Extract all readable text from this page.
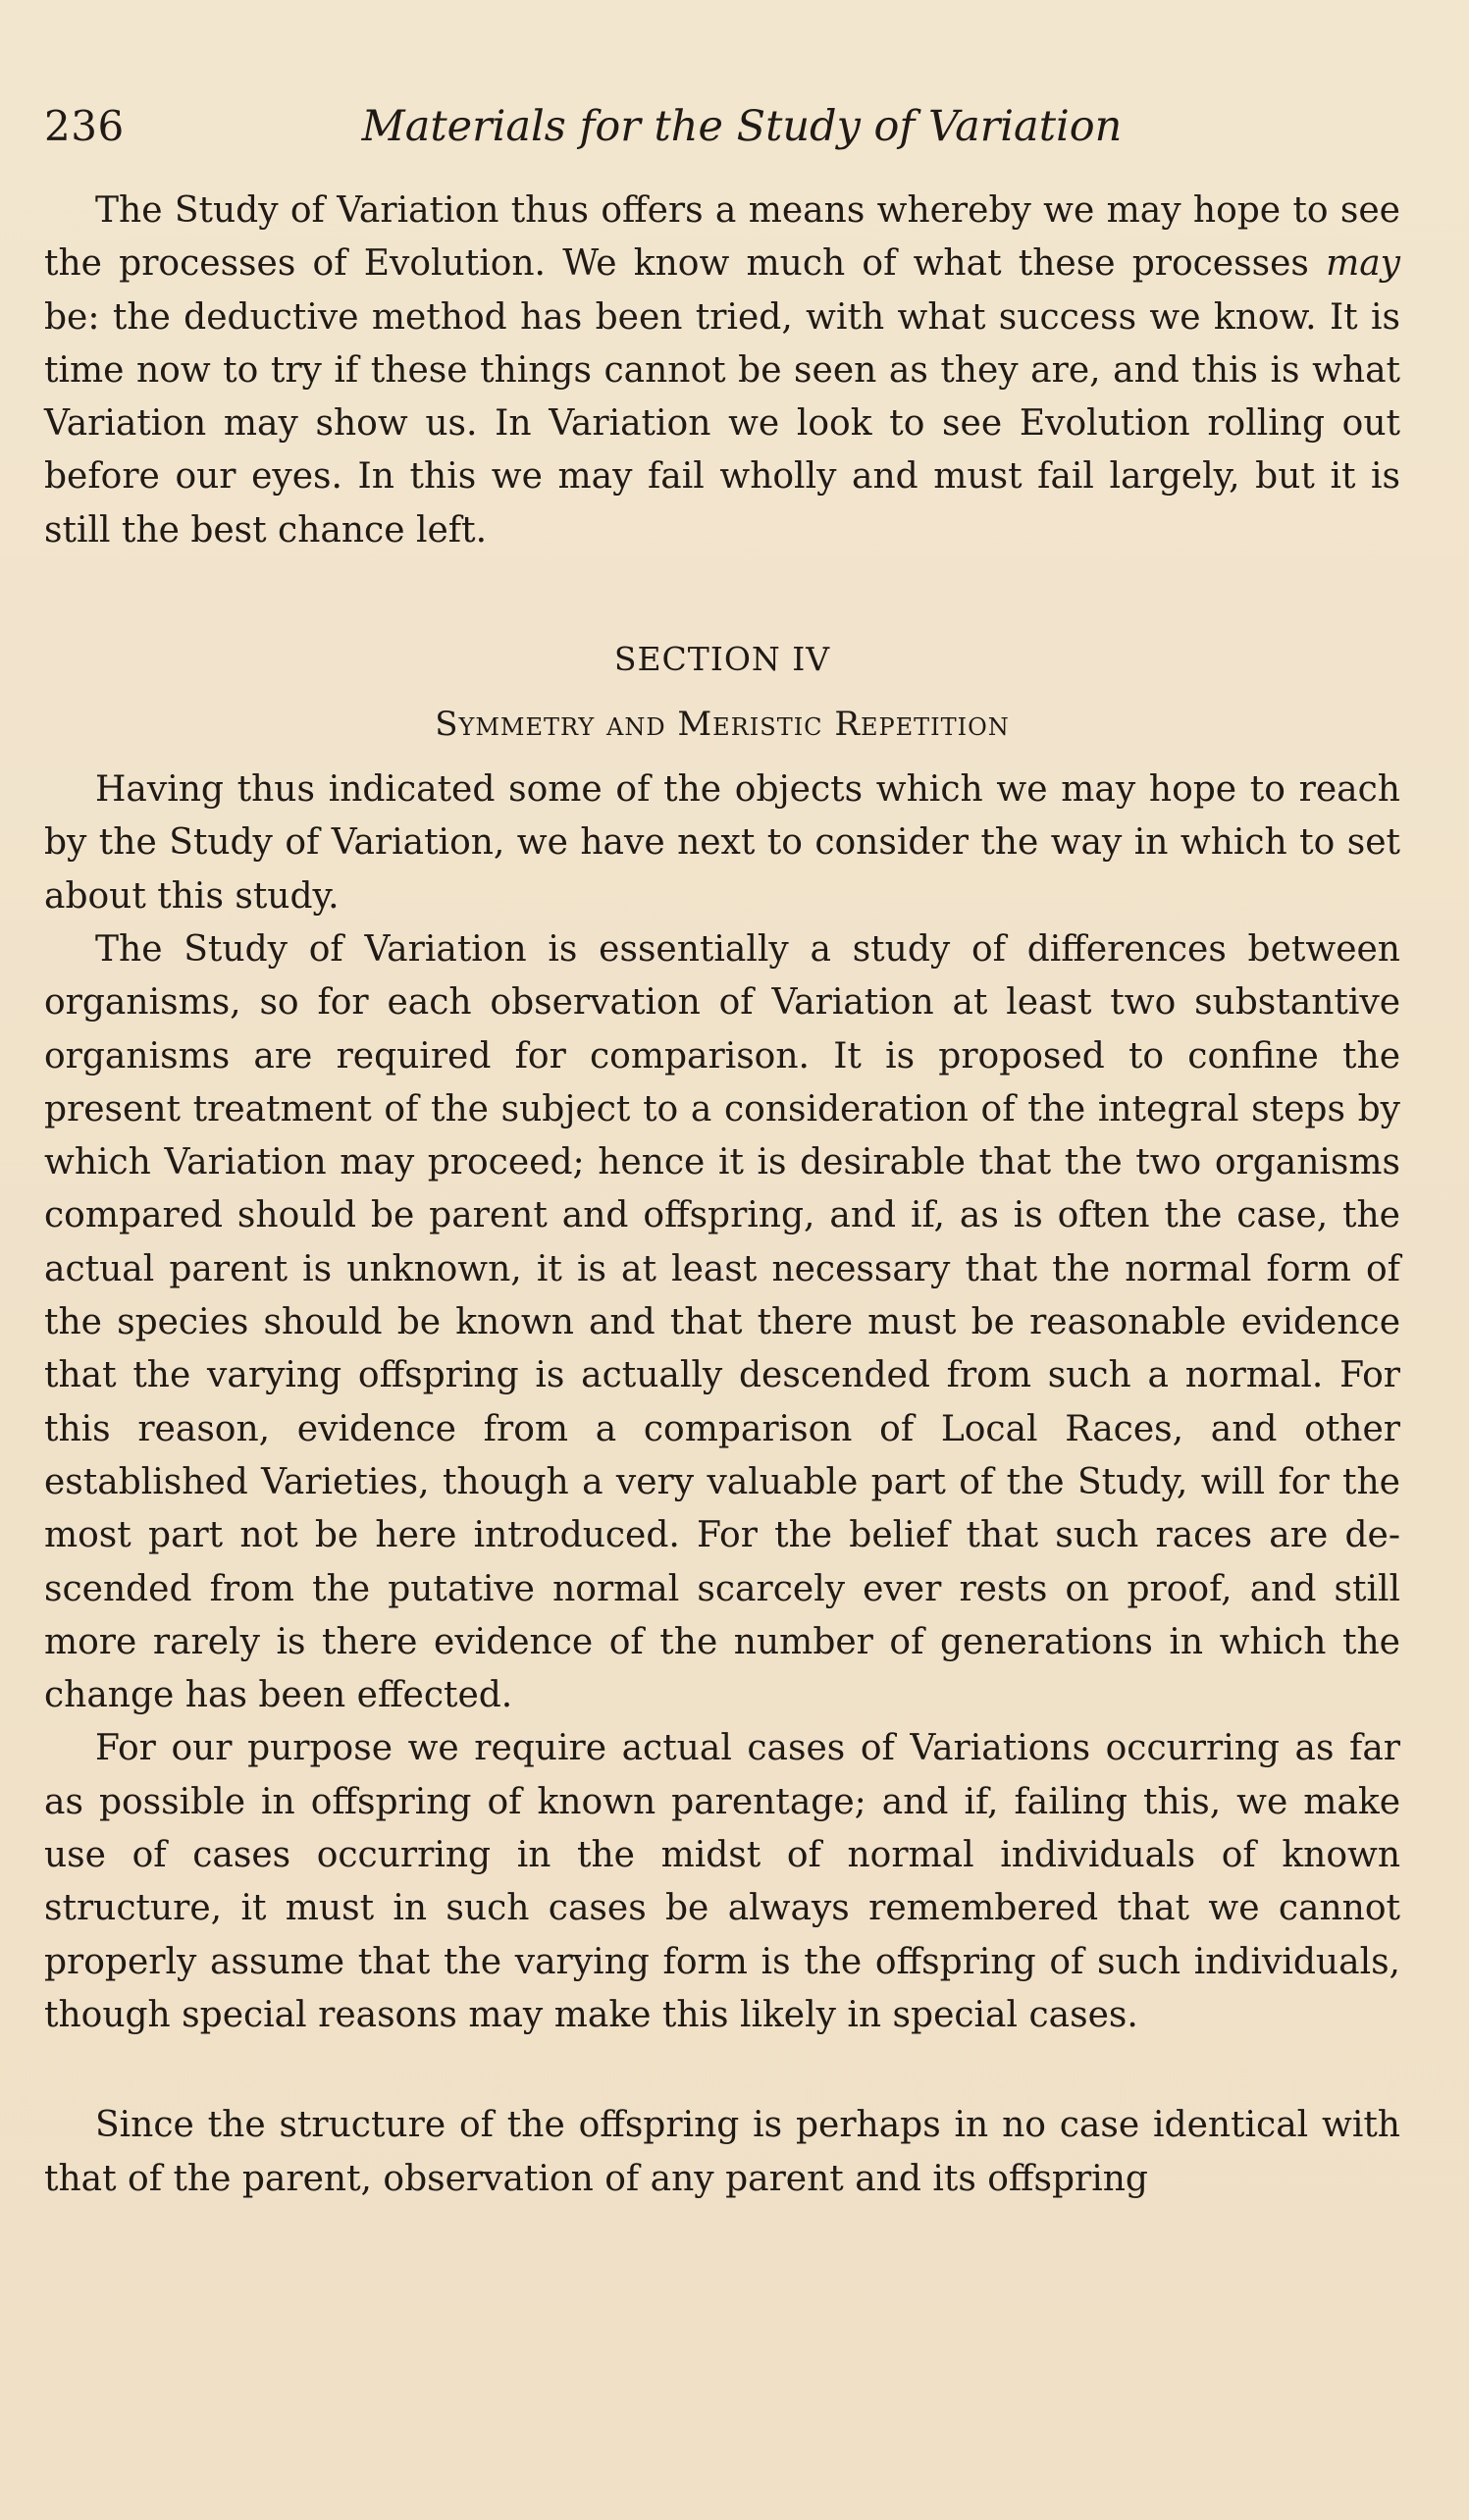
236	Materials for the Study of Variation

The Study of Variation thus offers a means whereby we may hope to see the processes of Evolution. We know much of what these processes may be: the deductive method has been tried, with what success we know. It is time now to try if these things cannot be seen as they are, and this is what Variation may show us. In Variation we look to see Evolution rolling out before our eyes. In this we may fail wholly and must fail largely, but it is still the best chance left.

SECTION IV
Symmetry and Meristic Repetition

Having thus indicated some of the objects which we may hope to reach by the Study of Variation, we have next to consider the way in which to set about this study.

The Study of Variation is essentially a study of differences between organisms, so for each observation of Variation at least two substantive organisms are required for comparison. It is proposed to confine the present treatment of the subject to a consideration of the integral steps by which Variation may proceed; hence it is desirable that the two organisms compared should be parent and offspring, and if, as is often the case, the actual parent is unknown, it is at least necessary that the normal form of the species should be known and that there must be reasonable evidence that the varying offspring is actually descended from such a normal. For this reason, evidence from a comparison of Local Races, and other established Varieties, though a very valuable part of the Study, will for the most part not be here introduced. For the belief that such races are descended from the putative normal scarcely ever rests on proof, and still more rarely is there evidence of the number of generations in which the change has been effected.

For our purpose we require actual cases of Variations occurring as far as possible in offspring of known parentage; and if, failing this, we make use of cases occurring in the midst of normal individuals of known structure, it must in such cases be always remembered that we cannot properly assume that the varying form is the offspring of such individuals, though special reasons may make this likely in special cases.

Since the structure of the offspring is perhaps in no case identical with that of the parent, observation of any parent and its offspring
